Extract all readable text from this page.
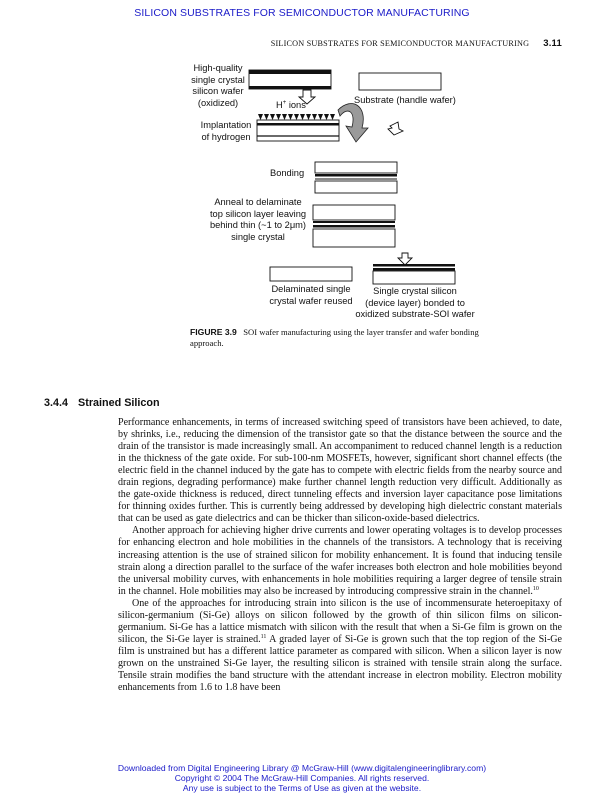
SILICON SUBSTRATES FOR SEMICONDUCTOR MANUFACTURING
SILICON SUBSTRATES FOR SEMICONDUCTOR MANUFACTURING 3.11
High-quality
single crystal
silicon wafer
(oxidized)	H+ ions	Substrate (handle wafer)
Implantation
of hydrogen
Bonding
Anneal to delaminate
top silicon layer leaving
behind thin (~1 to 2μm)
single crystal
Delaminated single
crystal wafer reused
Single crystal silicon
(device layer) bonded to
oxidized substrate-SOI wafer
FIGURE 3.9 SOI wafer manufacturing using the layer transfer and wafer bonding approach.
3.4.4 Strained Silicon

Performance enhancements, in terms of increased switching speed of transistors have been achieved, to date, by shrinks, i.e., reducing the dimension of the transistor gate so that the distance between the source and the drain of the transistor is made increasingly small. An accompaniment to reduced channel length is a reduction in the thickness of the gate oxide. For sub-100-nm MOSFETs, however, significant short channel effects (the electric field in the channel induced by the gate has to compete with electric fields from the nearby source and drain regions, degrading performance) make further channel length reduction very difficult. Additionally as the gate-oxide thickness is reduced, direct tunneling effects and inversion layer capacitance pose limitations for thinning oxides further. This is currently being addressed by developing high dielectric constant materials that can be used as gate dielectrics and can be thicker than silicon-oxide-based dielectrics.

Another approach for achieving higher drive currents and lower operating voltages is to develop processes for enhancing electron and hole mobilities in the channels of the transistors. A technology that is receiving increasing attention is the use of strained silicon for mobility enhancement. It is found that inducing tensile strain along a direction parallel to the surface of the wafer increases both electron and hole mobilities beyond the universal mobility curves, with enhancements in hole mobilities requiring a larger degree of tensile strain in the channel. Hole mobilities may also be increased by introducing compressive strain in the channel.$^{10}$

One of the approaches for introducing strain into silicon is the use of incommensurate heteroepitaxy of silicon-germanium (Si-Ge) alloys on silicon followed by the growth of thin silicon films on silicon-germanium. Si-Ge has a lattice mismatch with silicon with the result that when a Si-Ge film is grown on the silicon, the Si-Ge layer is strained.$^{11}$ A graded layer of Si-Ge is grown such that the top region of the Si-Ge film is unstrained but has a different lattice parameter as compared with silicon. When a silicon layer is now grown on the unstrained Si-Ge layer, the resulting silicon is strained with tensile strain along the surface. Tensile strain modifies the band structure with the attendant increase in electron mobility. Electron mobility enhancements from 1.6 to 1.8 have been

Downloaded from Digital Engineering Library @ McGraw-Hill (www.digitalengineeringlibrary.com)
Copyright © 2004 The McGraw-Hill Companies. All rights reserved.
Any use is subject to the Terms of Use as given at the website.
